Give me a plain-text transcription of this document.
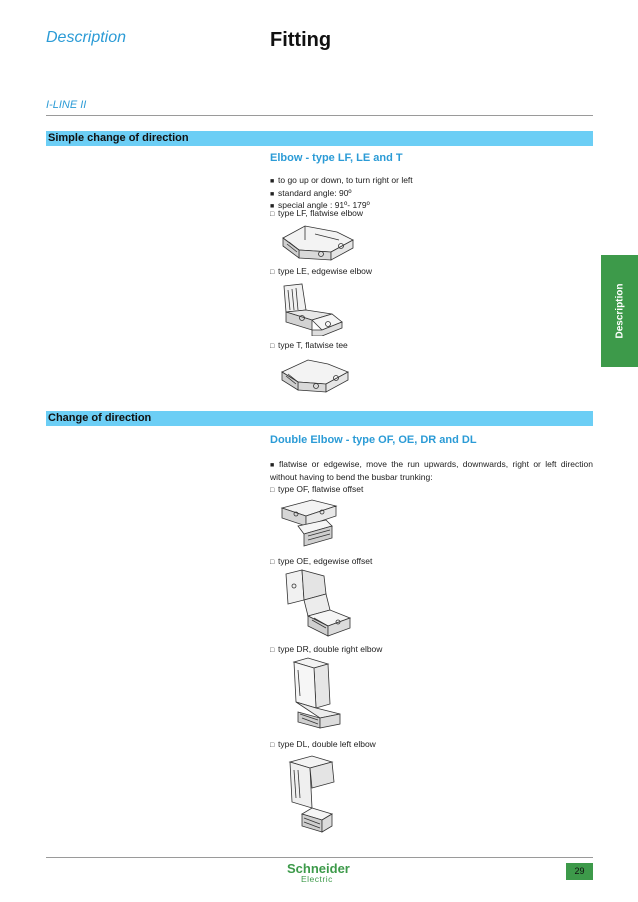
Description	Fitting
I-LINE II
Description
Simple change of direction
Elbow - type LF, LE and T
■ to go up or down, to turn right or left
■ standard angle: 90º
■ special angle : 91º- 179º
□ type LF, flatwise elbow
□ type LE, edgewise elbow
□ type T, flatwise tee
Change of direction
Double Elbow - type OF, OE, DR and DL
■ flatwise or edgewise, move the run upwards, downwards, right or left direction without having to bend the busbar trunking:
□ type OF, flatwise offset
□ type OE, edgewise offset
□ type DR, double right elbow
□ type DL, double left elbow
Schneider
Electric
29
